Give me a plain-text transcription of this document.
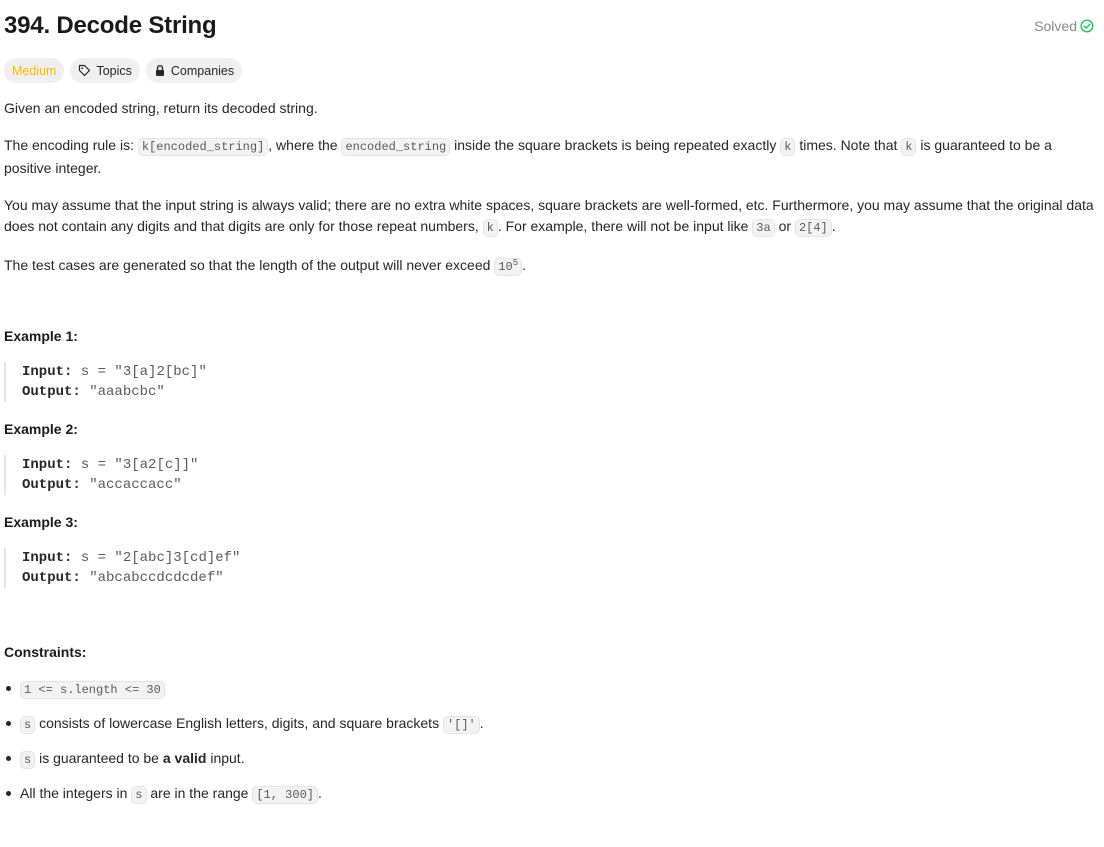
394. Decode String	Solved
Medium	Topics	Companies

Given an encoded string, return its decoded string.

The encoding rule is: k[encoded_string] , where the encoded_string inside the square brackets is being repeated exactly k times. Note that k is guaranteed to be a positive integer.

You may assume that the input string is always valid; there are no extra white spaces, square brackets are well-formed, etc. Furthermore, you may assume that the original data does not contain any digits and that digits are only for those repeat numbers, k . For example, there will not be input like 3a or 2[4] .

The test cases are generated so that the length of the output will never exceed $10^5$ .

Example 1:
Input: s = "3[a]2[bc]"
Output: "aaabcbc"
Example 2:
Input: s = "3[a2[c]]"
Output: "accaccacc"
Example 3:
Input: s = "2[abc]3[cd]ef"
Output: "abcabccdcdcdef"
Constraints:
1 <= s.length <= 30
s consists of lowercase English letters, digits, and square brackets '[]' .
s is guaranteed to be a valid input.
All the integers in s are in the range [1, 300] .
